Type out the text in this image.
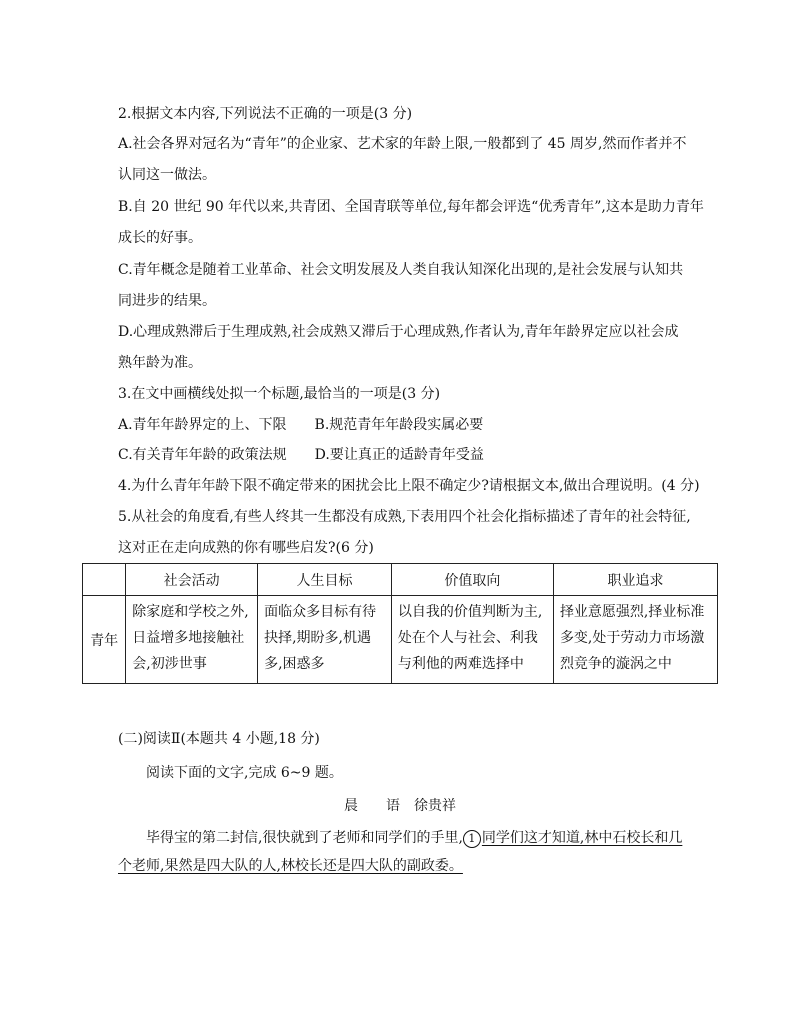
2.根据文本内容,下列说法不正确的一项是(3 分)
A.社会各界对冠名为“青年”的企业家、艺术家的年龄上限,一般都到了 45 周岁,然而作者并不
认同这一做法。
B.自 20 世纪 90 年代以来,共青团、全国青联等单位,每年都会评选“优秀青年”,这本是助力青年
成长的好事。
C.青年概念是随着工业革命、社会文明发展及人类自我认知深化出现的,是社会发展与认知共
同进步的结果。
D.心理成熟滞后于生理成熟,社会成熟又滞后于心理成熟,作者认为,青年年龄界定应以社会成
熟年龄为准。
3.在文中画横线处拟一个标题,最恰当的一项是(3 分)
A.青年年龄界定的上、下限　　B.规范青年年龄段实属必要
C.有关青年年龄的政策法规　　D.要让真正的适龄青年受益
4.为什么青年年龄下限不确定带来的困扰会比上限不确定少?请根据文本,做出合理说明。(4 分)
5.从社会的角度看,有些人终其一生都没有成熟,下表用四个社会化指标描述了青年的社会特征,
这对正在走向成熟的你有哪些启发?(6 分)
	社会活动	人生目标	价值取向	职业追求
青年	除家庭和学校之外,日益增多地接触社会,初涉世事	面临众多目标有待抉择,期盼多,机遇多,困惑多	以自我的价值判断为主,处在个人与社会、利我与利他的两难选择中	择业意愿强烈,择业标准多变,处于劳动力市场激烈竞争的漩涡之中
(二)阅读Ⅱ(本题共 4 小题,18 分)
阅读下面的文字,完成 6~9 题。
晨 语 徐贵祥
毕得宝的第二封信,很快就到了老师和同学们的手里, 1 同学们这才知道,林中石校长和几
个老师,果然是四大队的人,林校长还是四大队的副政委。
